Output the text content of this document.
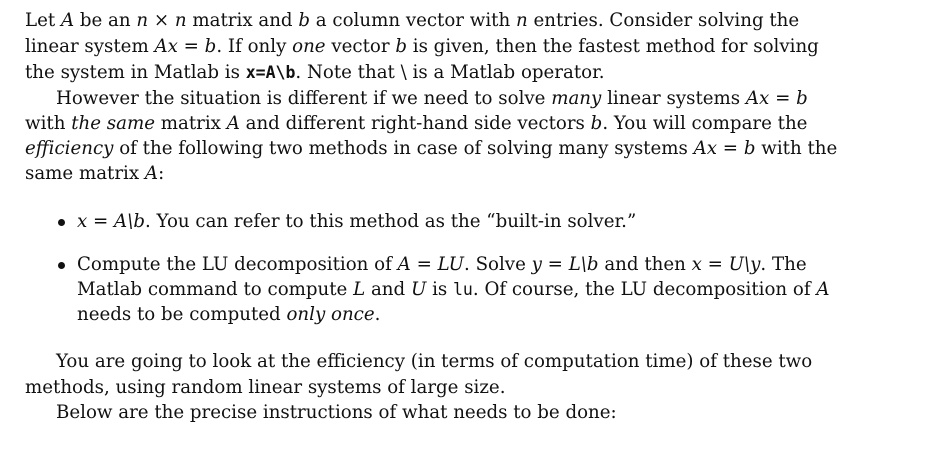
Let A be an n × n matrix and b a column vector with n entries. Consider solving the
linear system Ax = b. If only one vector b is given, then the fastest method for solving
the system in Matlab is x=A\b. Note that \ is a Matlab operator.
However the situation is different if we need to solve many linear systems Ax = b
with the same matrix A and different right-hand side vectors b. You will compare the
efficiency of the following two methods in case of solving many systems Ax = b with the
same matrix A:
x = A\b. You can refer to this method as the “built-in solver.”
Compute the LU decomposition of A = LU. Solve y = L\b and then x = U\y. The
Matlab command to compute L and U is lu. Of course, the LU decomposition of A
needs to be computed only once.
You are going to look at the efficiency (in terms of computation time) of these two
methods, using random linear systems of large size.
Below are the precise instructions of what needs to be done:
